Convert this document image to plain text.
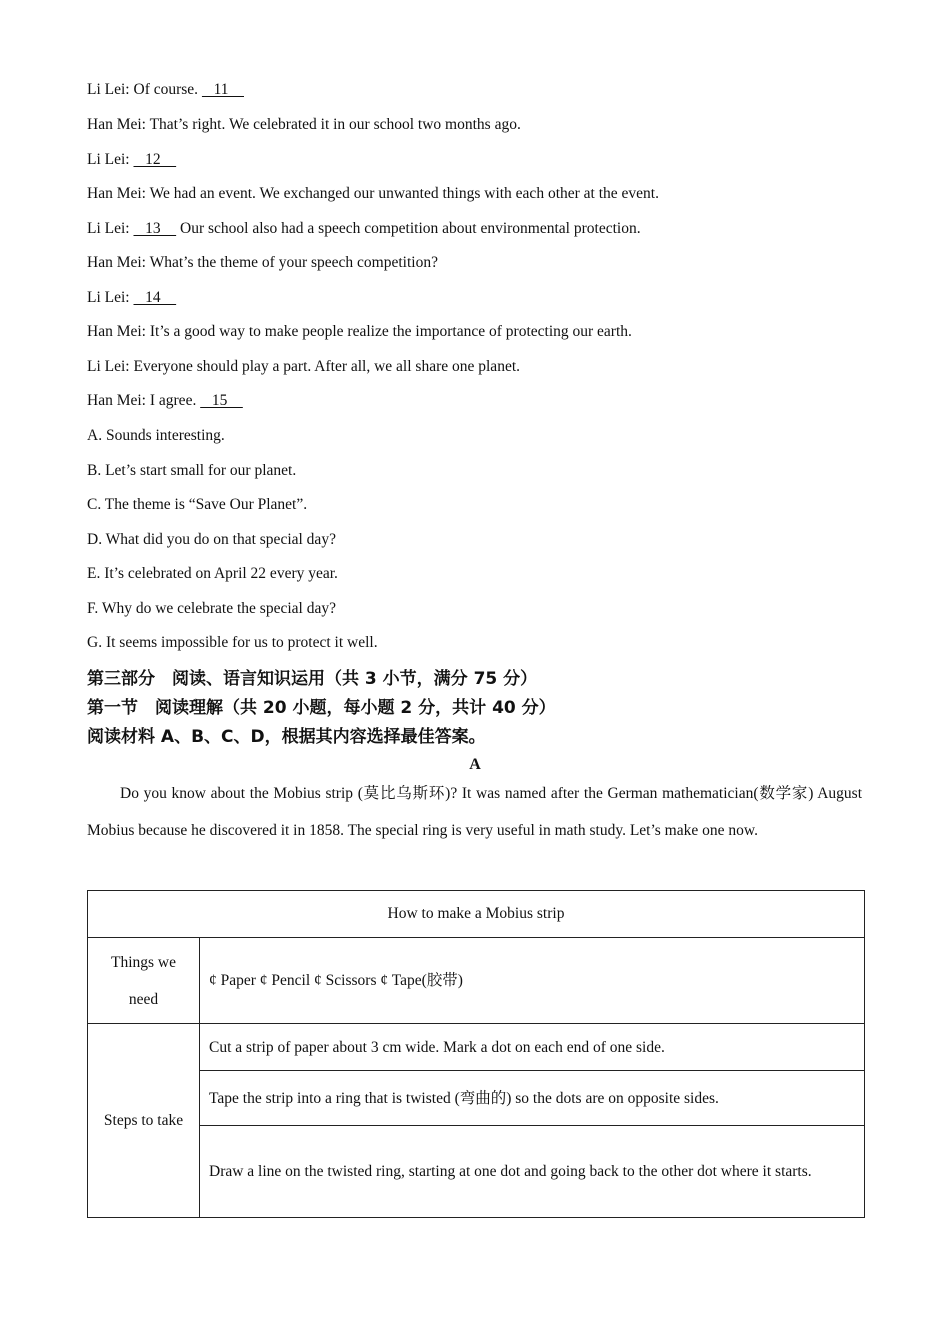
Li Lei: Of course.    11
Han Mei: That’s right. We celebrated it in our school two months ago.
Li Lei:    12
Han Mei: We had an event. We exchanged our unwanted things with each other at the event.
Li Lei:    13     Our school also had a speech competition about environmental protection.
Han Mei: What’s the theme of your speech competition?
Li Lei:    14
Han Mei: It’s a good way to make people realize the importance of protecting our earth.
Li Lei: Everyone should play a part. After all, we all share one planet.
Han Mei: I agree.    15
A. Sounds interesting.
B. Let’s start small for our planet.
C. The theme is “Save Our Planet”.
D. What did you do on that special day?
E. It’s celebrated on April 22 every year.
F. Why do we celebrate the special day?
G. It seems impossible for us to protect it well.
第三部分　阅读、语言知识运用（共 3 小节，满分 75 分）
第一节　阅读理解（共 20 小题，每小题 2 分，共计 40 分）
阅读材料 A、B、C、D，根据其内容选择最佳答案。
A

Do you know about the Mobius strip (莫比乌斯环)? It was named after the German mathematician(数学家) August Mobius because he discovered it in 1858. The special ring is very useful in math study. Let’s make one now.

How to make a Mobius strip	
Things we need	¢ Paper ¢ Pencil ¢ Scissors ¢ Tape(胶带)
Steps to take	Cut a strip of paper about 3 cm wide. Mark a dot on each end of one side.
	Tape the strip into a ring that is twisted (弯曲的) so the dots are on opposite sides.
	Draw a line on the twisted ring, starting at one dot and going back to the other dot where it starts.
